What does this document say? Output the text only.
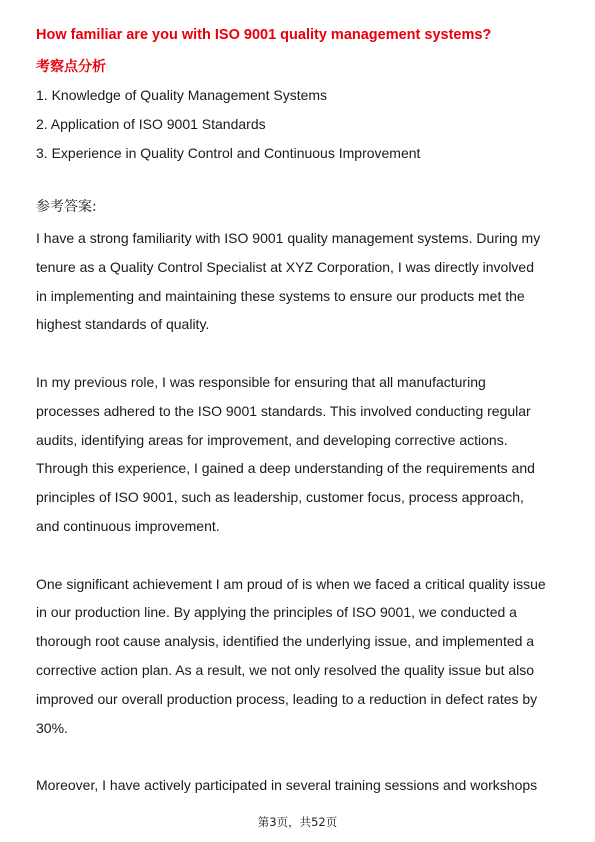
How familiar are you with ISO 9001 quality management systems?
考察点分析
1. Knowledge of Quality Management Systems
2. Application of ISO 9001 Standards
3. Experience in Quality Control and Continuous Improvement
参考答案:

I have a strong familiarity with ISO 9001 quality management systems. During my
tenure as a Quality Control Specialist at XYZ Corporation, I was directly involved
in implementing and maintaining these systems to ensure our products met the
highest standards of quality.

In my previous role, I was responsible for ensuring that all manufacturing
processes adhered to the ISO 9001 standards. This involved conducting regular
audits, identifying areas for improvement, and developing corrective actions.
Through this experience, I gained a deep understanding of the requirements and
principles of ISO 9001, such as leadership, customer focus, process approach,
and continuous improvement.

One significant achievement I am proud of is when we faced a critical quality issue
in our production line. By applying the principles of ISO 9001, we conducted a
thorough root cause analysis, identified the underlying issue, and implemented a
corrective action plan. As a result, we not only resolved the quality issue but also
improved our overall production process, leading to a reduction in defect rates by
30%.

Moreover, I have actively participated in several training sessions and workshops

第3页，共52页
